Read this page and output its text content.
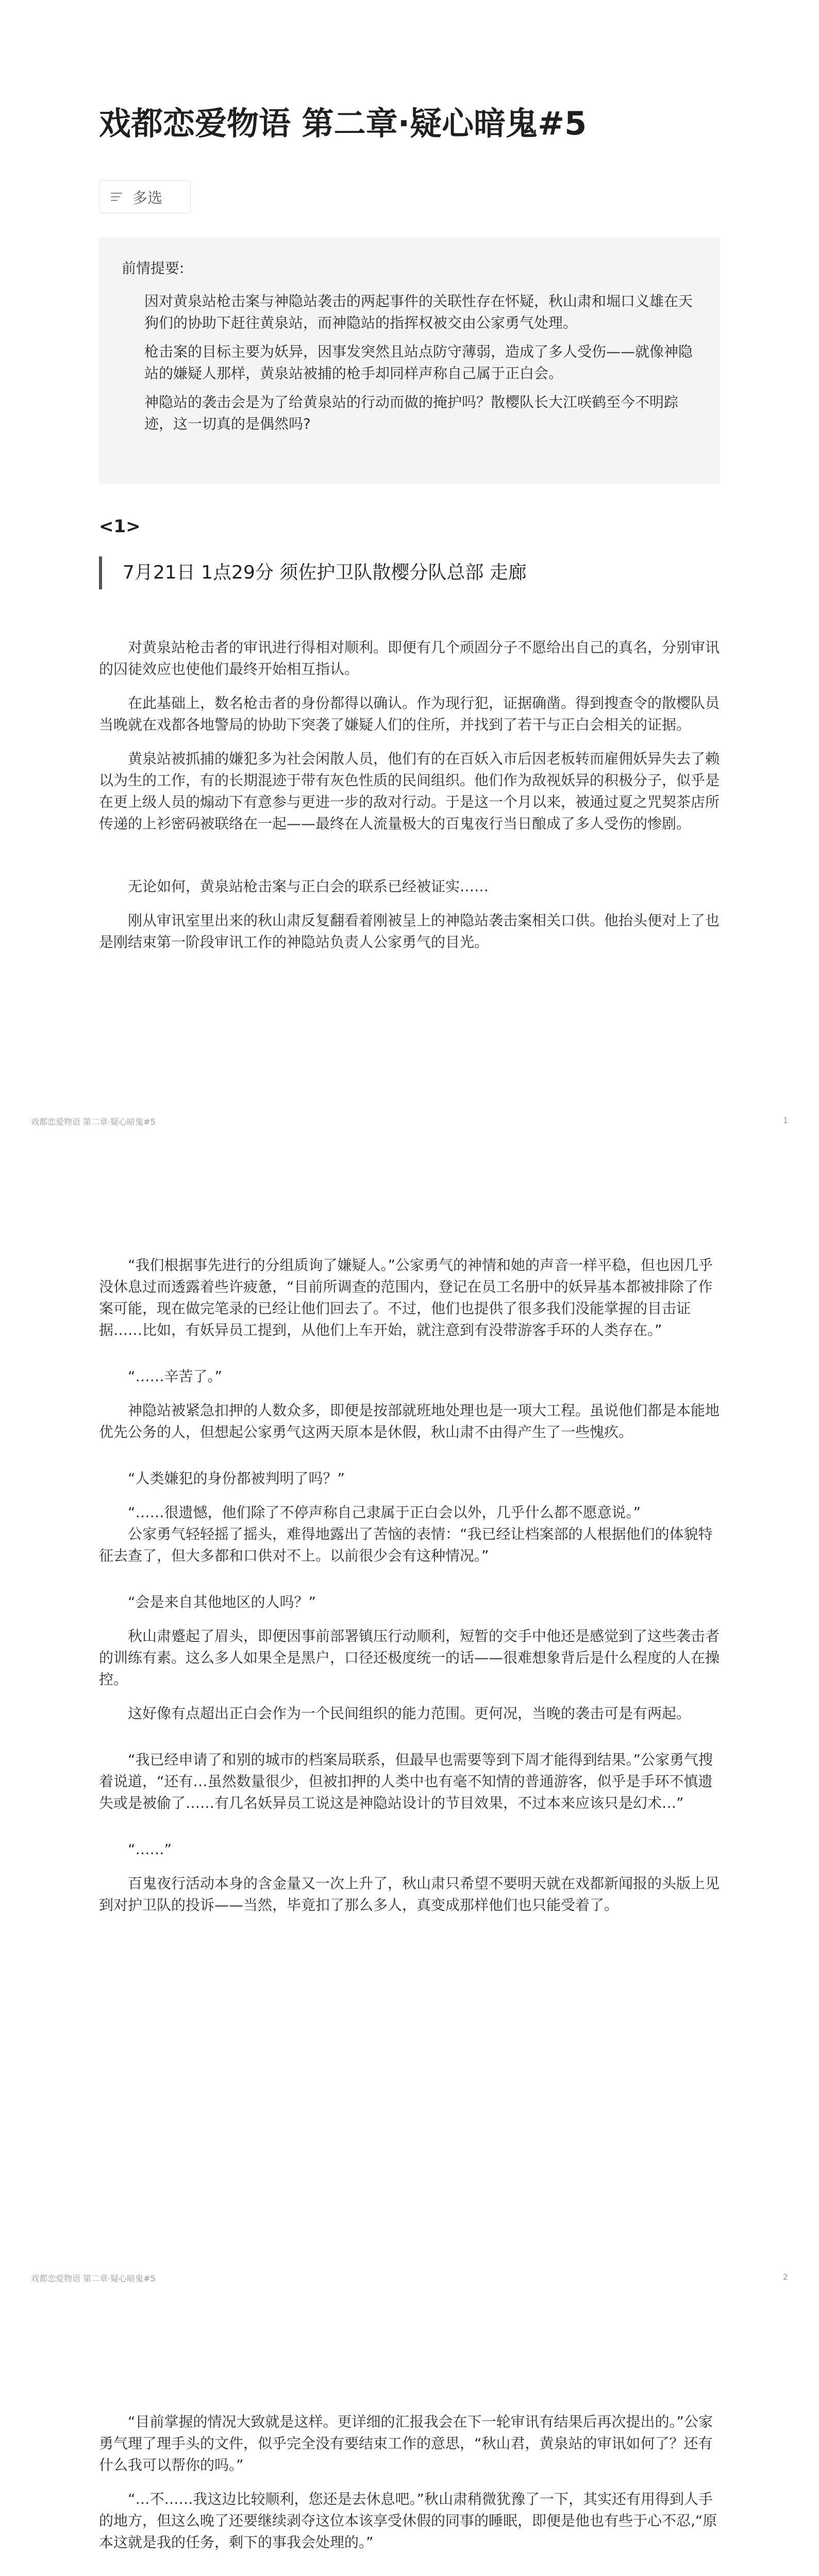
戏都恋爱物语 第二章·疑心暗鬼#5
多选

前情提要:

因对黄泉站枪击案与神隐站袭击的两起事件的关联性存在怀疑，秋山肃和堀口义雄在天狗们的协助下赶往黄泉站，而神隐站的指挥权被交由公家勇气处理。

枪击案的目标主要为妖异，因事发突然且站点防守薄弱，造成了多人受伤——就像神隐站的嫌疑人那样，黄泉站被捕的枪手却同样声称自己属于正白会。

神隐站的袭击会是为了给黄泉站的行动而做的掩护吗？散樱队长大江咲鹤至今不明踪迹，这一切真的是偶然吗?

<1>
7月21日 1点29分 须佐护卫队散樱分队总部 走廊

对黄泉站枪击者的审讯进行得相对顺利。即便有几个顽固分子不愿给出自己的真名，分别审讯的囚徒效应也使他们最终开始相互指认。

在此基础上，数名枪击者的身份都得以确认。作为现行犯，证据确凿。得到搜查令的散樱队员当晚就在戏都各地警局的协助下突袭了嫌疑人们的住所，并找到了若干与正白会相关的证据。

黄泉站被抓捕的嫌犯多为社会闲散人员，他们有的在百妖入市后因老板转而雇佣妖异失去了赖以为生的工作，有的长期混迹于带有灰色性质的民间组织。他们作为敌视妖异的积极分子，似乎是在更上级人员的煽动下有意参与更进一步的敌对行动。于是这一个月以来，被通过夏之咒契茶店所传递的上衫密码被联络在一起——最终在人流量极大的百鬼夜行当日酿成了多人受伤的惨剧。

无论如何，黄泉站枪击案与正白会的联系已经被证实……

刚从审讯室里出来的秋山肃反复翻看着刚被呈上的神隐站袭击案相关口供。他抬头便对上了也是刚结束第一阶段审讯工作的神隐站负责人公家勇气的目光。

戏都恋爱物语 第二章·疑心暗鬼#5	1

“我们根据事先进行的分组质询了嫌疑人。”公家勇气的神情和她的声音一样平稳，但也因几乎没休息过而透露着些许疲惫，“目前所调查的范围内，登记在员工名册中的妖异基本都被排除了作案可能，现在做完笔录的已经让他们回去了。不过，他们也提供了很多我们没能掌握的目击证据……比如，有妖异员工提到，从他们上车开始，就注意到有没带游客手环的人类存在。”

“……辛苦了。”

神隐站被紧急扣押的人数众多，即便是按部就班地处理也是一项大工程。虽说他们都是本能地优先公务的人，但想起公家勇气这两天原本是休假，秋山肃不由得产生了一些愧疚。

“人类嫌犯的身份都被判明了吗？”

“……很遗憾，他们除了不停声称自己隶属于正白会以外，几乎什么都不愿意说。”

公家勇气轻轻摇了摇头，难得地露出了苦恼的表情：“我已经让档案部的人根据他们的体貌特征去查了，但大多都和口供对不上。以前很少会有这种情况。”

“会是来自其他地区的人吗？”

秋山肃蹙起了眉头，即便因事前部署镇压行动顺利，短暂的交手中他还是感觉到了这些袭击者的训练有素。这么多人如果全是黑户，口径还极度统一的话——很难想象背后是什么程度的人在操控。

这好像有点超出正白会作为一个民间组织的能力范围。更何况，当晚的袭击可是有两起。

“我已经申请了和别的城市的档案局联系，但最早也需要等到下周才能得到结果。”公家勇气搜着说道，“还有…虽然数量很少，但被扣押的人类中也有毫不知情的普通游客，似乎是手环不慎遗失或是被偷了……有几名妖异员工说这是神隐站设计的节目效果，不过本来应该只是幻术…”

“……”

百鬼夜行活动本身的含金量又一次上升了，秋山肃只希望不要明天就在戏都新闻报的头版上见到对护卫队的投诉——当然，毕竟扣了那么多人，真变成那样他们也只能受着了。

戏都恋爱物语 第二章·疑心暗鬼#5	2

“目前掌握的情况大致就是这样。更详细的汇报我会在下一轮审讯有结果后再次提出的。”公家勇气理了理手头的文件，似乎完全没有要结束工作的意思，“秋山君，黄泉站的审讯如何了？还有什么我可以帮你的吗。”

“…不……我这边比较顺利，您还是去休息吧。”秋山肃稍微犹豫了一下，其实还有用得到人手的地方，但这么晚了还要继续剥夺这位本该享受休假的同事的睡眠，即便是他也有些于心不忍,“原本这就是我的任务，剩下的事我会处理的。”
